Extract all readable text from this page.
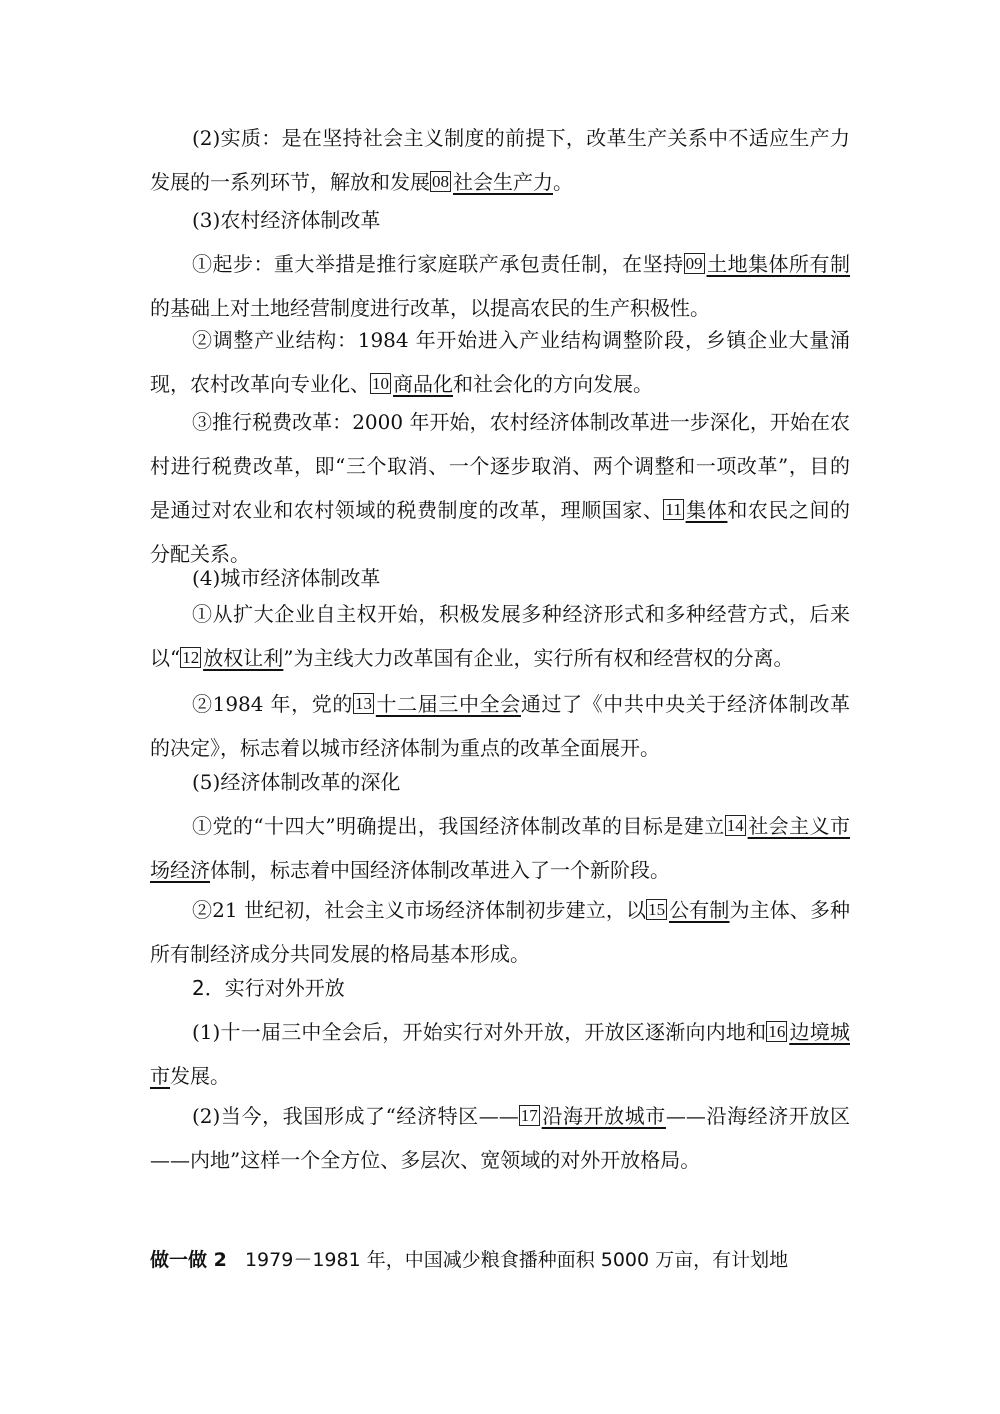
(2)实质：是在坚持社会主义制度的前提下，改革生产关系中不适应生产力发展的一系列环节，解放和发展 08 社会生产力。

(3)农村经济体制改革

①起步：重大举措是推行家庭联产承包责任制，在坚持 09 土地集体所有制的基础上对土地经营制度进行改革，以提高农民的生产积极性。

②调整产业结构：1984 年开始进入产业结构调整阶段，乡镇企业大量涌现，农村改革向专业化、 10 商品化和社会化的方向发展。

③推行税费改革：2000 年开始，农村经济体制改革进一步深化，开始在农村进行税费改革，即“三个取消、一个逐步取消、两个调整和一项改革”，目的是通过对农业和农村领域的税费制度的改革，理顺国家、 11 集体和农民之间的分配关系。

(4)城市经济体制改革

①从扩大企业自主权开始，积极发展多种经济形式和多种经营方式，后来以“ 12 放权让利”为主线大力改革国有企业，实行所有权和经营权的分离。

②1984 年，党的 13 十二届三中全会通过了《中共中央关于经济体制改革的决定》，标志着以城市经济体制为重点的改革全面展开。

(5)经济体制改革的深化

①党的“十四大”明确提出，我国经济体制改革的目标是建立 14 社会主义市场经济体制，标志着中国经济体制改革进入了一个新阶段。

②21 世纪初，社会主义市场经济体制初步建立，以 15 公有制为主体、多种所有制经济成分共同发展的格局基本形成。

2．实行对外开放

(1)十一届三中全会后，开始实行对外开放，开放区逐渐向内地和 16 边境城市发展。

(2)当今，我国形成了“经济特区—— 17 沿海开放城市——沿海经济开放区——内地”这样一个全方位、多层次、宽领域的对外开放格局。

做一做 2 1979－1981 年，中国减少粮食播种面积 5000 万亩，有计划地
